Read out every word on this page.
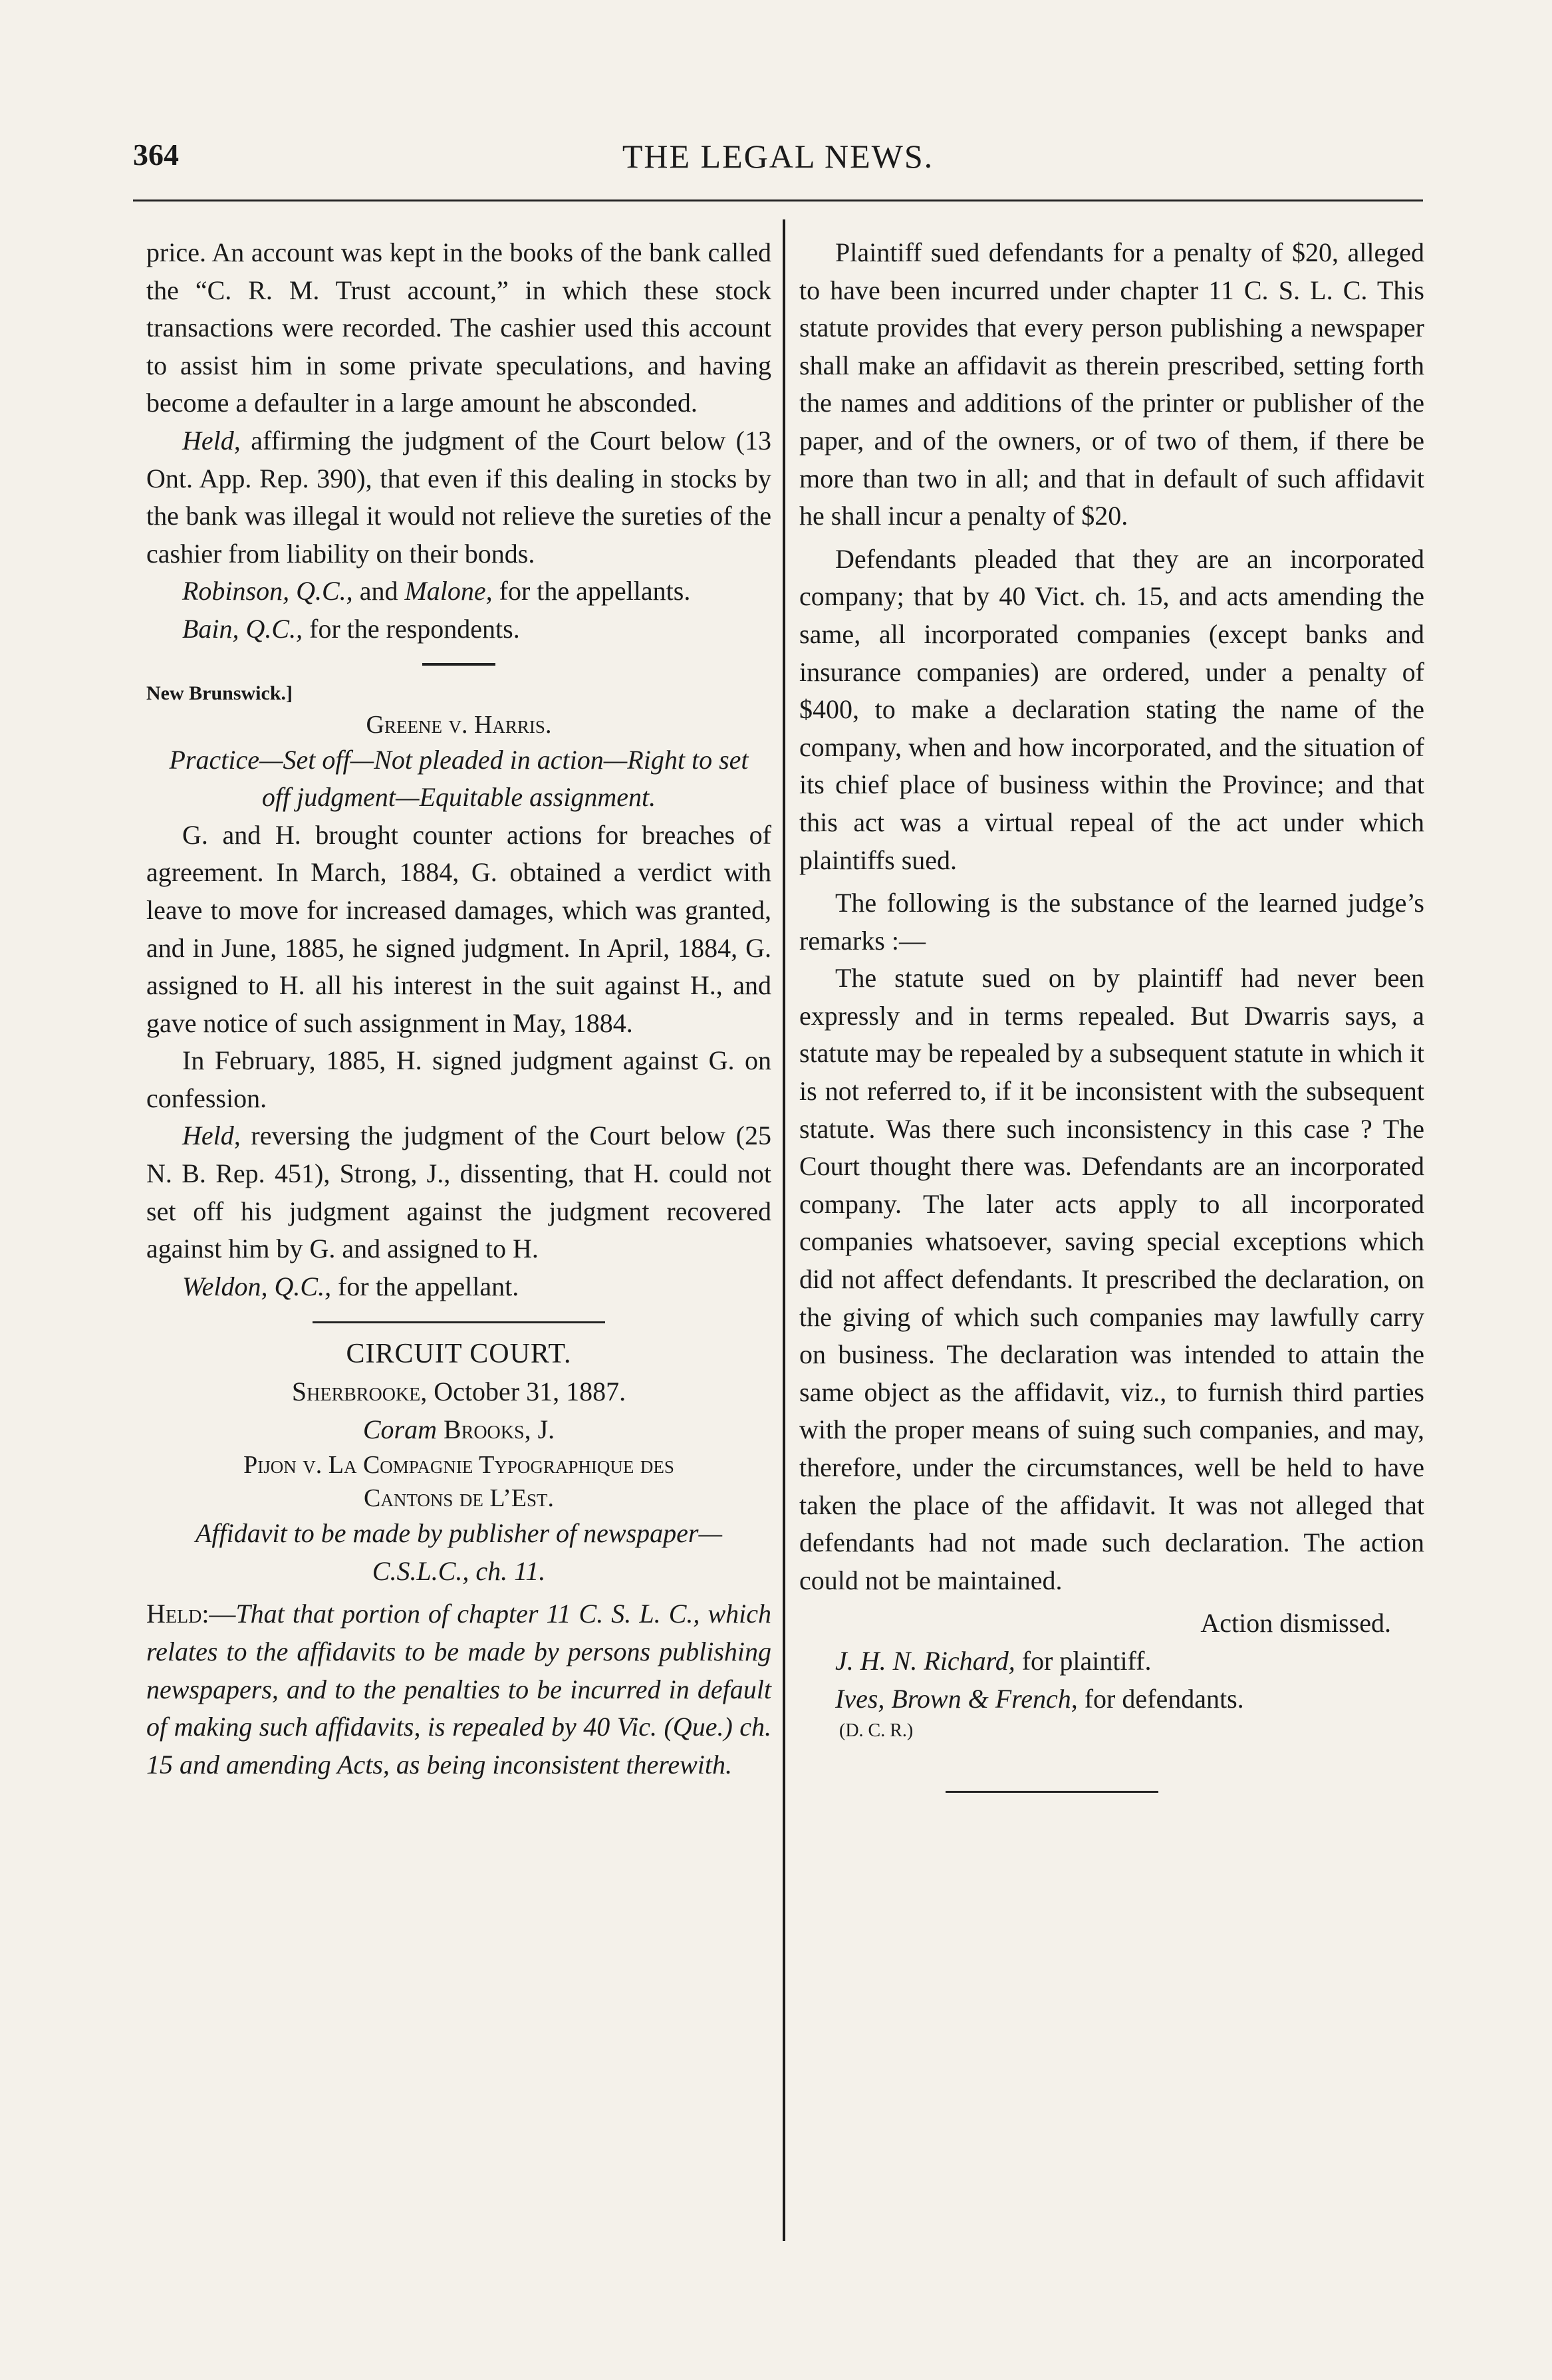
364	THE LEGAL NEWS.

price. An account was kept in the books of the bank called the “C. R. M. Trust account,” in which these stock transactions were recorded. The cashier used this account to assist him in some private speculations, and having become a defaulter in a large amount he absconded.

Held, affirming the judgment of the Court below (13 Ont. App. Rep. 390), that even if this dealing in stocks by the bank was illegal it would not relieve the sureties of the cashier from liability on their bonds.

Robinson, Q.C., and Malone, for the appellants.

Bain, Q.C., for the respondents.

New Brunswick.]
Greene v. Harris.

Practice—Set off—Not pleaded in action—Right to set off judgment—Equitable assignment.

G. and H. brought counter actions for breaches of agreement. In March, 1884, G. obtained a verdict with leave to move for increased damages, which was granted, and in June, 1885, he signed judgment. In April, 1884, G. assigned to H. all his interest in the suit against H., and gave notice of such assignment in May, 1884.

In February, 1885, H. signed judgment against G. on confession.

Held, reversing the judgment of the Court below (25 N. B. Rep. 451), Strong, J., dissenting, that H. could not set off his judgment against the judgment recovered against him by G. and assigned to H.

Weldon, Q.C., for the appellant.

CIRCUIT COURT.

Sherbrooke, October 31, 1887.

Coram Brooks, J.

Pijon v. La Compagnie Typographique des
Cantons de L’Est.

Affidavit to be made by publisher of newspaper— C.S.L.C., ch. 11.

Held:—That that portion of chapter 11 C. S. L. C., which relates to the affidavits to be made by persons publishing newspapers, and to the penalties to be incurred in default of making such affidavits, is repealed by 40 Vic. (Que.) ch. 15 and amending Acts, as being inconsistent therewith.

Plaintiff sued defendants for a penalty of $20, alleged to have been incurred under chapter 11 C. S. L. C. This statute provides that every person publishing a newspaper shall make an affidavit as therein prescribed, setting forth the names and additions of the printer or publisher of the paper, and of the owners, or of two of them, if there be more than two in all; and that in default of such affidavit he shall incur a penalty of $20.

Defendants pleaded that they are an incorporated company; that by 40 Vict. ch. 15, and acts amending the same, all incorporated companies (except banks and insurance companies) are ordered, under a penalty of $400, to make a declaration stating the name of the company, when and how incorporated, and the situation of its chief place of business within the Province; and that this act was a virtual repeal of the act under which plaintiffs sued.

The following is the substance of the learned judge’s remarks :—

The statute sued on by plaintiff had never been expressly and in terms repealed. But Dwarris says, a statute may be repealed by a subsequent statute in which it is not referred to, if it be inconsistent with the subsequent statute. Was there such inconsistency in this case ? The Court thought there was. Defendants are an incorporated company. The later acts apply to all incorporated companies whatsoever, saving special exceptions which did not affect defendants. It prescribed the declaration, on the giving of which such companies may lawfully carry on business. The declaration was intended to attain the same object as the affidavit, viz., to furnish third parties with the proper means of suing such companies, and may, therefore, under the circumstances, well be held to have taken the place of the affidavit. It was not alleged that defendants had not made such declaration. The action could not be maintained.

Action dismissed.

J. H. N. Richard, for plaintiff.

Ives, Brown & French, for defendants.

(D. C. R.)
